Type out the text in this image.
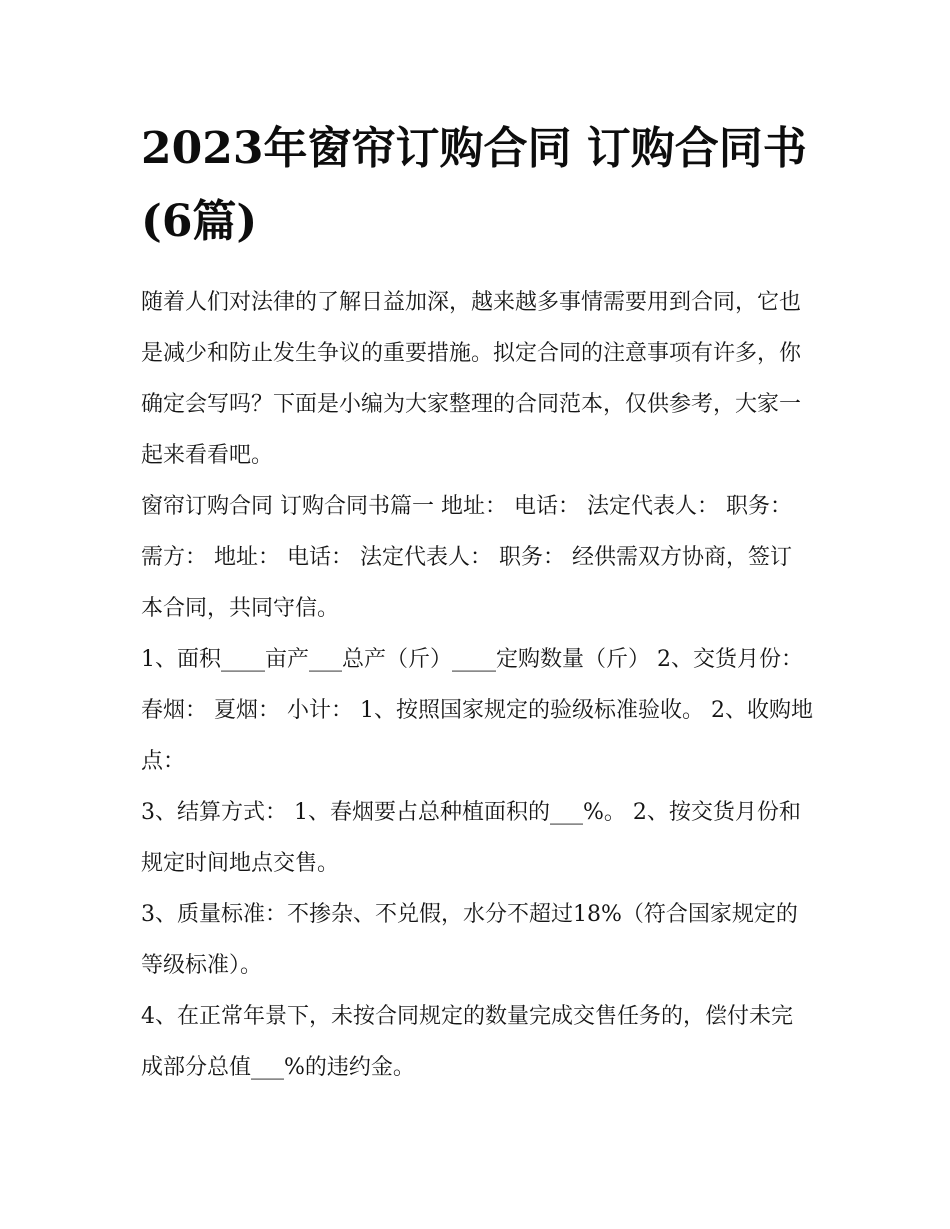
2023年窗帘订购合同 订购合同书(6篇)

随着人们对法律的了解日益加深，越来越多事情需要用到合同，它也是减少和防止发生争议的重要措施。拟定合同的注意事项有许多，你确定会写吗？下面是小编为大家整理的合同范本，仅供参考，大家一起来看看吧。

窗帘订购合同 订购合同书篇一 地址： 电话： 法定代表人： 职务： 需方： 地址： 电话： 法定代表人： 职务： 经供需双方协商，签订本合同，共同守信。

1、面积____亩产___总产（斤）____定购数量（斤） 2、交货月份： 春烟： 夏烟： 小计： 1、按照国家规定的验级标准验收。 2、收购地点：

3、结算方式： 1、春烟要占总种植面积的___%。 2、按交货月份和规定时间地点交售。

3、质量标准：不掺杂、不兑假，水分不超过18%（符合国家规定的等级标准）。

4、在正常年景下，未按合同规定的数量完成交售任务的，偿付未完成部分总值___%的违约金。
